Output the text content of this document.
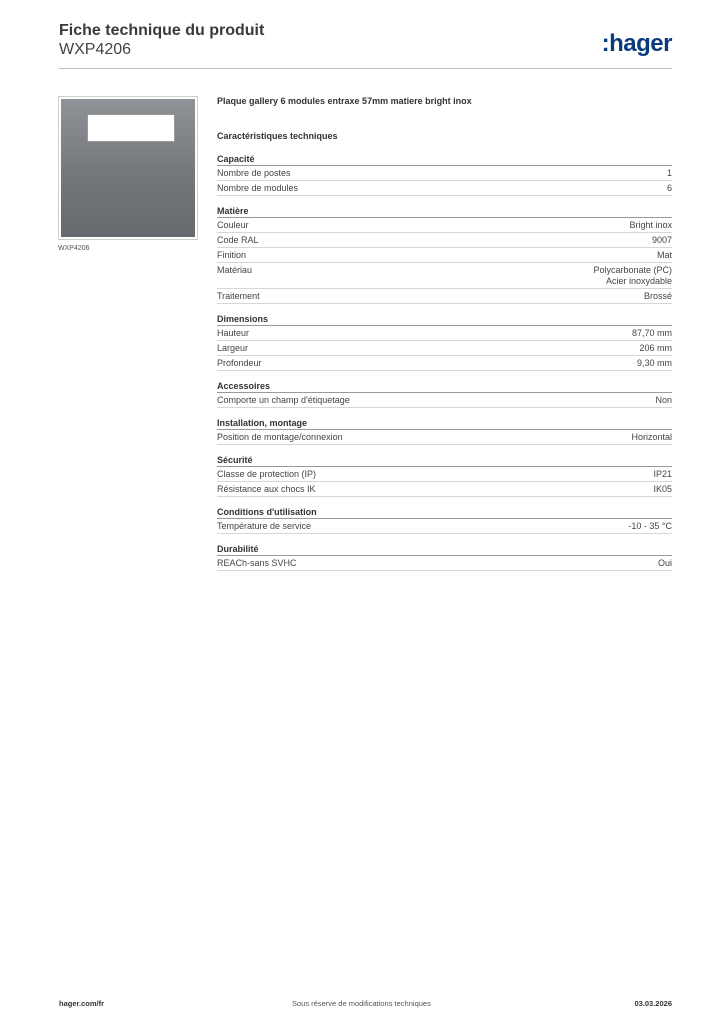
Fiche technique du produit
WXP4206	:hager
WXP4206
Plaque gallery 6 modules entraxe 57mm matiere bright inox
Caractéristiques techniques
Capacité
Nombre de postes	1
Nombre de modules	6
Matière
Couleur	Bright inox
Code RAL	9007
Finition	Mat
Matériau	Polycarbonate (PC)
Acier inoxydable
Traitement	Brossé
Dimensions
Hauteur	87,70 mm
Largeur	206 mm
Profondeur	9,30 mm
Accessoires
Comporte un champ d'étiquetage	Non
Installation, montage
Position de montage/connexion	Horizontal
Sécurité
Classe de protection (IP)	IP21
Résistance aux chocs IK	IK05
Conditions d'utilisation
Température de service	-10 - 35 °C
Durabilité
REACh-sans SVHC	Oui
hager.com/fr	Sous réserve de modifications techniques	03.03.2026
